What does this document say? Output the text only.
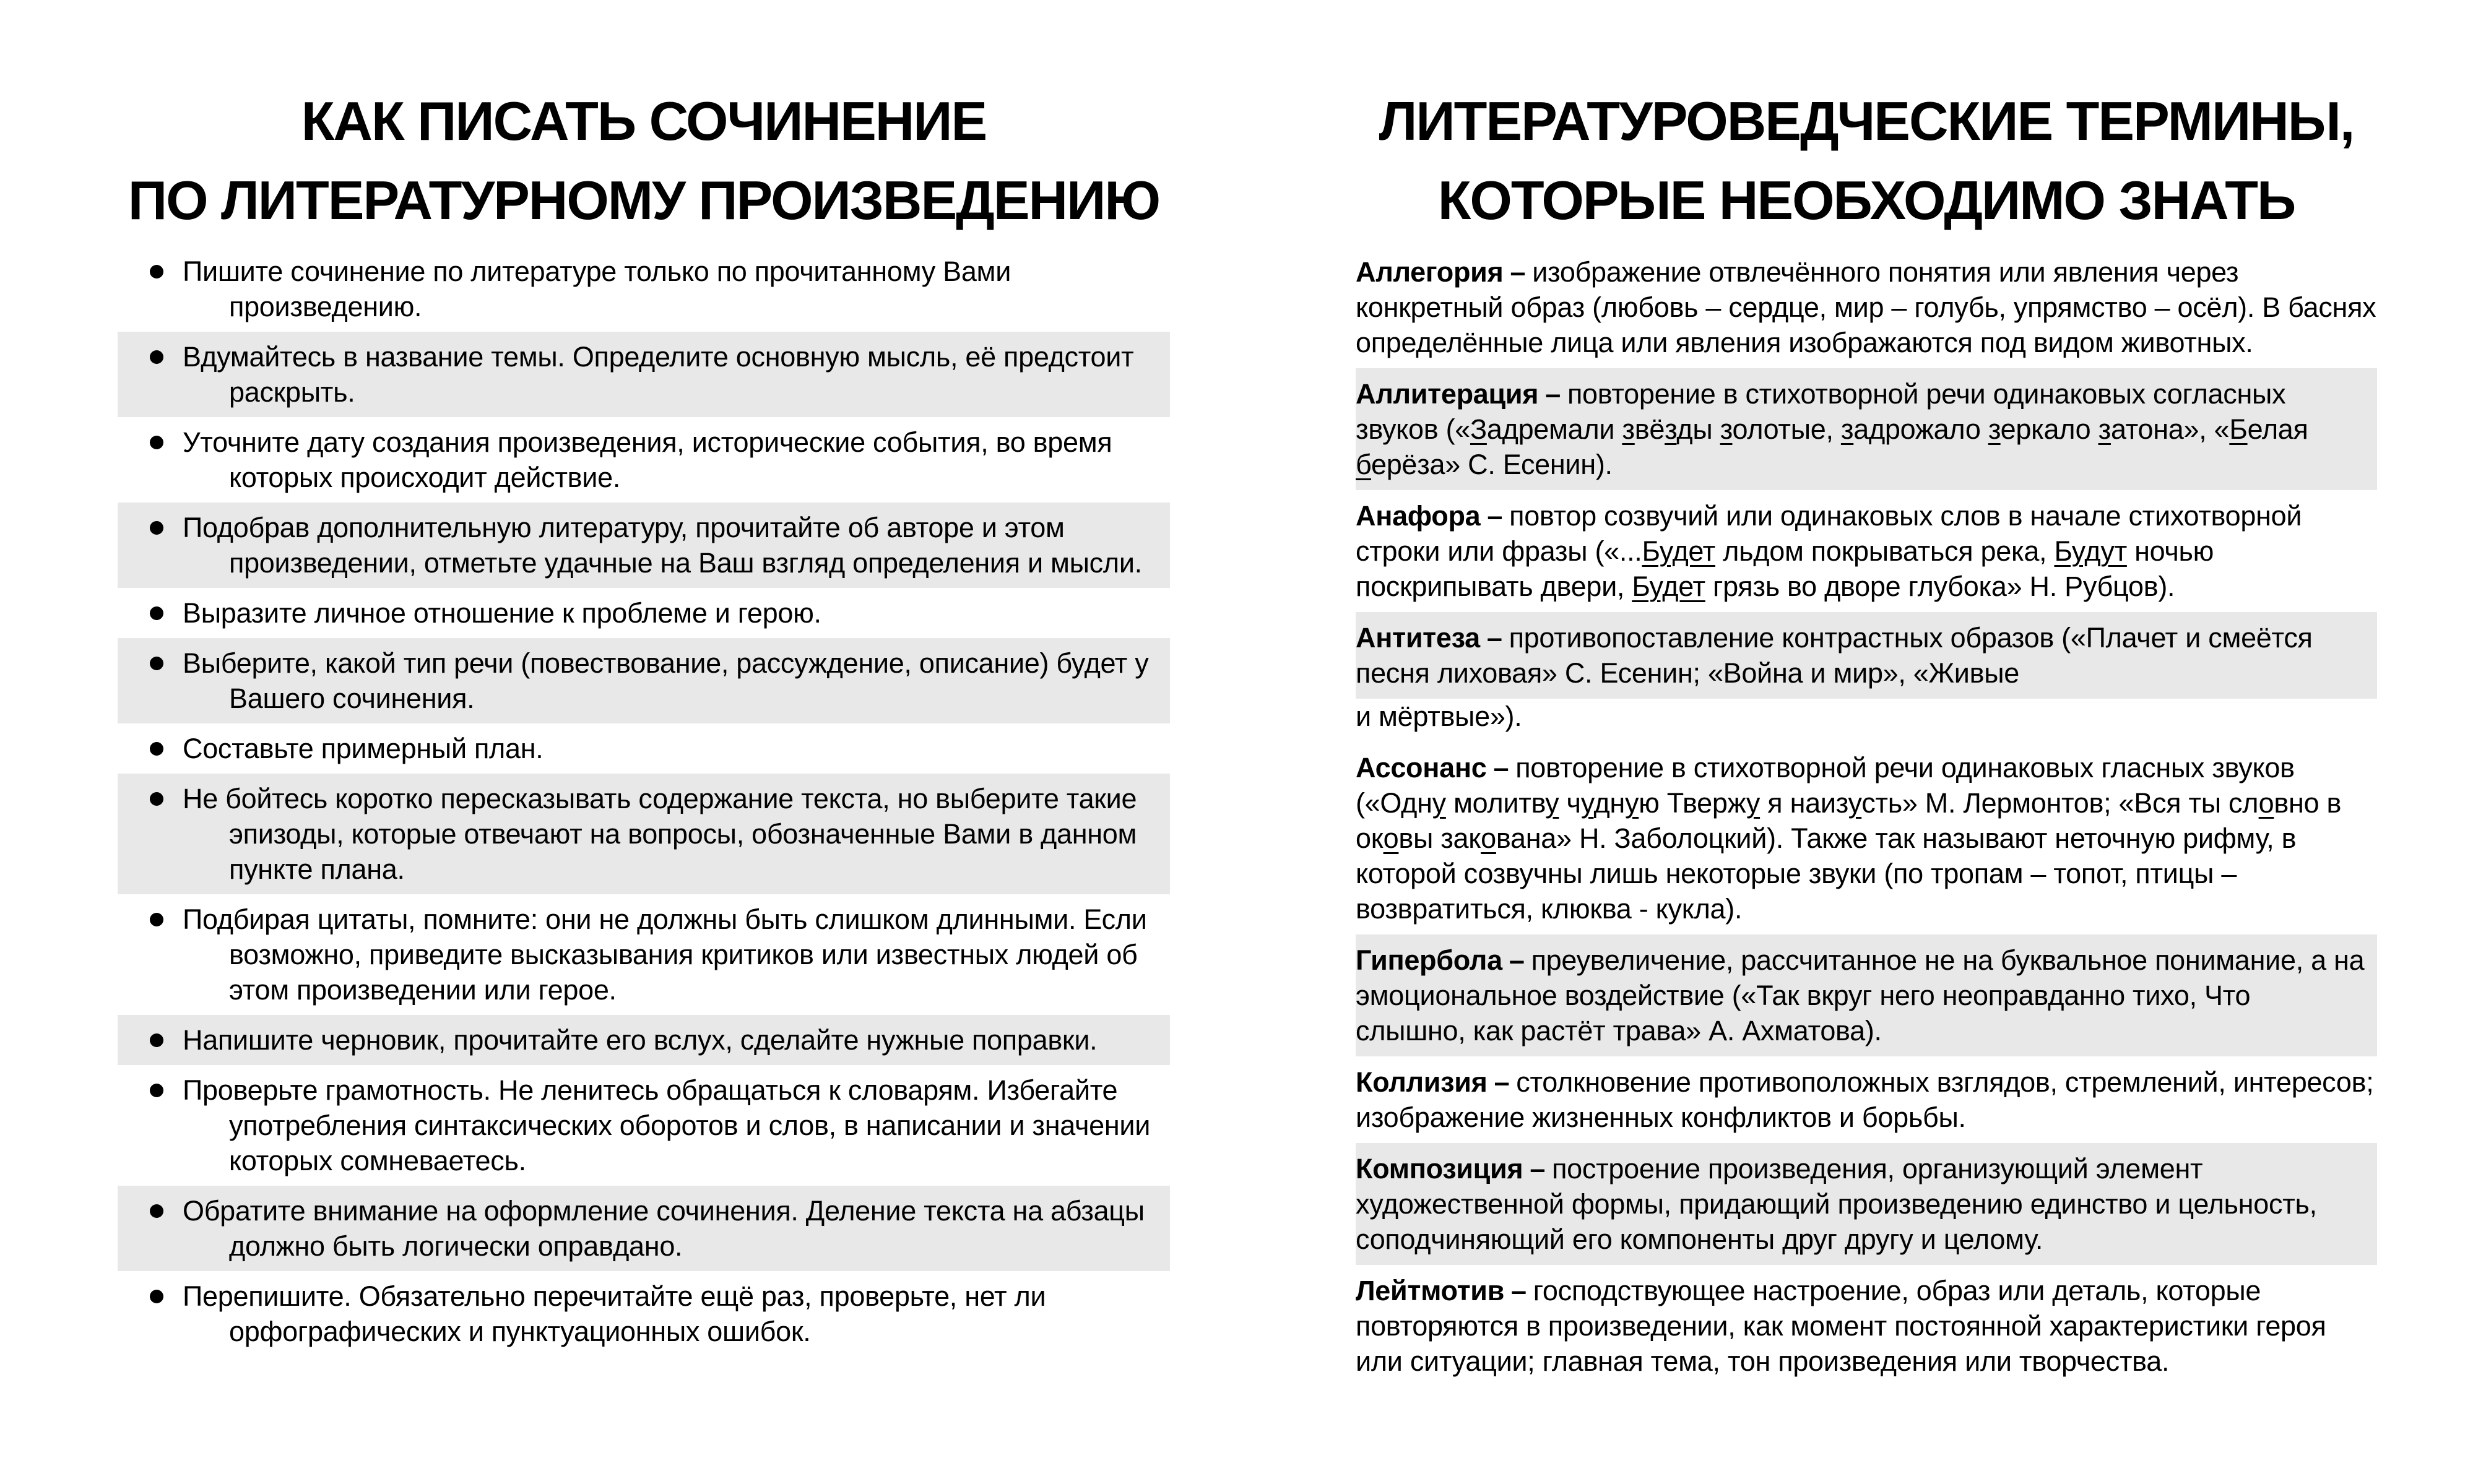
КАК ПИСАТЬ СОЧИНЕНИЕ
ПО ЛИТЕРАТУРНОМУ ПРОИЗВЕДЕНИЮ
Пишите сочинение по литературе только по прочитанному Вами произведению.
Вдумайтесь в название темы. Определите основную мысль, её предстоит раскрыть.
Уточните дату создания произведения, исторические события, во время которых происходит действие.
Подобрав дополнительную литературу, прочитайте об авторе и этом произведении, отметьте удачные на Ваш взгляд определения и мысли.
Выразите личное отношение к проблеме и герою.
Выберите, какой тип речи (повествование, рассуждение, описание) будет у Вашего сочинения.
Составьте примерный план.
Не бойтесь коротко пересказывать содержание текста, но выберите такие эпизоды, которые отвечают на вопросы, обозначенные Вами в данном пункте плана.
Подбирая цитаты, помните: они не должны быть слишком длинными. Если возможно, приведите высказывания критиков или известных людей об этом произведении или герое.
Напишите черновик, прочитайте его вслух, сделайте нужные поправки.
Проверьте грамотность. Не ленитесь обращаться к словарям. Избегайте употребления синтаксических оборотов и слов, в написании и значении которых сомневаетесь.
Обратите внимание на оформление сочинения. Деление текста на абзацы должно быть логически оправдано.
Перепишите. Обязательно перечитайте ещё раз, проверьте, нет ли орфографических и пунктуационных ошибок.
ЛИТЕРАТУРОВЕДЧЕСКИЕ ТЕРМИНЫ,
КОТОРЫЕ НЕОБХОДИМО ЗНАТЬ
Аллегория – изображение отвлечённого понятия или явления через конкретный образ (любовь – сердце, мир – голубь, упрямство – осёл). В баснях определённые лица или явления изображаются под видом животных.
Аллитерация – повторение в стихотворной речи одинаковых согласных звуков («Задремали звёзды золотые, задрожало зеркало затона», «Белая берёза» С. Есенин).
Анафора – повтор созвучий или одинаковых слов в начале стихотворной строки или фразы («...Будет льдом покрываться река, Будут ночью поскрипывать двери, Будет грязь во дворе глубока» Н. Рубцов).
Антитеза – противопоставление контрастных образов («Плачет и смеётся песня лиховая» С. Есенин; «Война и мир», «Живые
и мёртвые»).
Ассонанс – повторение в стихотворной речи одинаковых гласных звуков («Одну молитву чудную Твержу я наизусть» М. Лермонтов; «Вся ты словно в оковы закована» Н. Заболоцкий). Также так называют неточную рифму, в которой созвучны лишь некоторые звуки (по тропам – топот, птицы – возвратиться, клюква - кукла).
Гипербола – преувеличение, рассчитанное не на буквальное понимание, а на эмоциональное воздействие («Так вкруг него неоправданно тихо, Что слышно, как растёт трава» А. Ахматова).
Коллизия – столкновение противоположных взглядов, стремлений, интересов; изображение жизненных конфликтов и борьбы.
Композиция – построение произведения, организующий элемент художественной формы, придающий произведению единство и цельность, соподчиняющий его компоненты друг другу и целому.
Лейтмотив – господствующее настроение, образ или деталь, которые повторяются в произведении, как момент постоянной характеристики героя или ситуации; главная тема, тон произведения или творчества.
